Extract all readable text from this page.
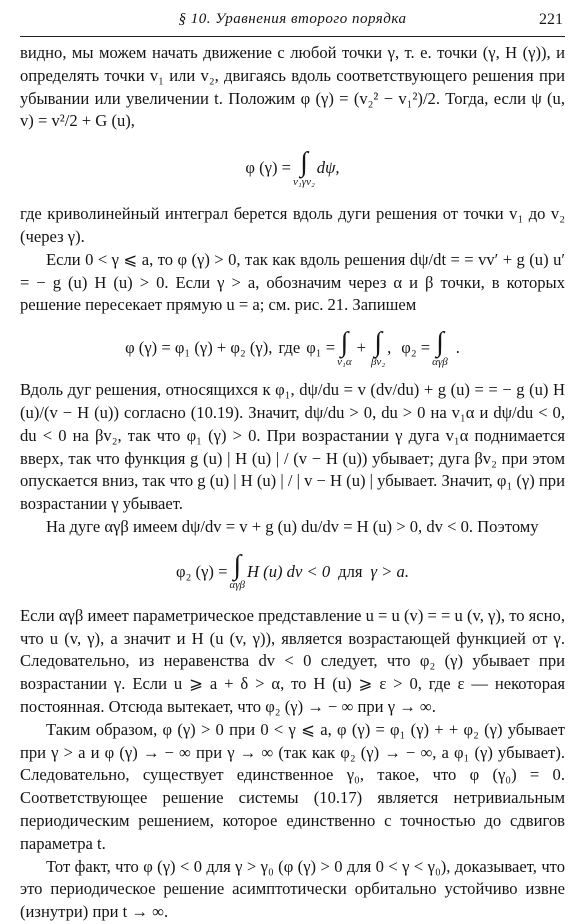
§ 10. Уравнения второго порядка	221

видно, мы можем начать движение с любой точки γ, т. е. точки (γ, H (γ)), и определять точки v₁ или v₂, двигаясь вдоль соответствующего решения при убывании или увеличении t. Положим φ (γ) = (v₂² − v₁²)/2. Тогда, если ψ (u, v) = v²/2 + G (u),

φ (γ) = ∫
v₁γv₂
dψ,

где криволинейный интеграл берется вдоль дуги решения от точки v₁ до v₂ (через γ).

Если 0 < γ ⩽ a, то φ (γ) > 0, так как вдоль решения dψ/dt = = vv′ + g (u) u′ = − g (u) H (u) > 0. Если γ > a, обозначим через α и β точки, в которых решение пересекает прямую u = a; см. рис. 21. Запишем

φ (γ) = φ₁ (γ) + φ₂ (γ), где φ₁ = ∫
v₁α
+ ∫
βv₂
, φ₂ = ∫
αγβ
.

Вдоль дуг решения, относящихся к φ₁, dψ/du = v (dv/du) + g (u) = = − g (u) H (u)/(v − H (u)) согласно (10.19). Значит, dψ/du > 0, du > 0 на v₁α и dψ/du < 0, du < 0 на βv₂, так что φ₁ (γ) > 0. При возрастании γ дуга v₁α поднимается вверх, так что функция g (u) | H (u) | / (v − H (u)) убывает; дуга βv₂ при этом опускается вниз, так что g (u) | H (u) | / | v − H (u) | убывает. Значит, φ₁ (γ) при возрастании γ убывает.

На дуге αγβ имеем dψ/dv = v + g (u) du/dv = H (u) > 0, dv < 0. Поэтому

φ₂ (γ) = ∫
αγβ
H (u) dv < 0 для γ > a.

Если αγβ имеет параметрическое представление u = u (v) = = u (v, γ), то ясно, что u (v, γ), а значит и H (u (v, γ)), является возрастающей функцией от γ. Следовательно, из неравенства dv < 0 следует, что φ₂ (γ) убывает при возрастании γ. Если u ⩾ a + δ > α, то H (u) ⩾ ε > 0, где ε — некоторая постоянная. Отсюда вытекает, что φ₂ (γ) → − ∞ при γ → ∞.

Таким образом, φ (γ) > 0 при 0 < γ ⩽ a, φ (γ) = φ₁ (γ) + + φ₂ (γ) убывает при γ > a и φ (γ) → − ∞ при γ → ∞ (так как φ₂ (γ) → − ∞, а φ₁ (γ) убывает). Следовательно, существует единственное γ₀, такое, что φ (γ₀) = 0. Соответствующее решение системы (10.17) является нетривиальным периодическим решением, которое единственно с точностью до сдвигов параметра t.

Тот факт, что φ (γ) < 0 для γ > γ₀ (φ (γ) > 0 для 0 < γ < γ₀), доказывает, что это периодическое решение асимптотически орбитально устойчиво извне (изнутри) при t → ∞.
